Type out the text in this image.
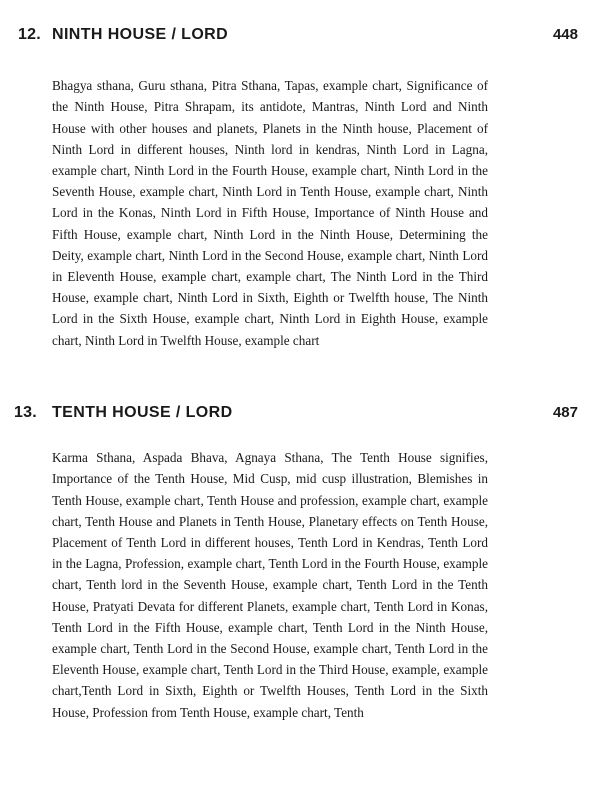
12. NINTH HOUSE / LORD	448

Bhagya sthana, Guru sthana, Pitra Sthana, Tapas, example chart, Significance of the Ninth House, Pitra Shrapam, its antidote, Mantras, Ninth Lord and Ninth House with other houses and planets, Planets in the Ninth house, Placement of Ninth Lord in different houses, Ninth lord in kendras, Ninth Lord in Lagna, example chart, Ninth Lord in the Fourth House, example chart, Ninth Lord in the Seventh House, example chart, Ninth Lord in Tenth House, example chart, Ninth Lord in the Konas, Ninth Lord in Fifth House, Importance of Ninth House and Fifth House, example chart, Ninth Lord in the Ninth House, Determining the Deity, example chart, Ninth Lord in the Second House, example chart, Ninth Lord in Eleventh House, example chart, example chart, The Ninth Lord in the Third House, example chart, Ninth Lord in Sixth, Eighth or Twelfth house, The Ninth Lord in the Sixth House, example chart, Ninth Lord in Eighth House, example chart, Ninth Lord in Twelfth House, example chart

13. TENTH HOUSE / LORD	487

Karma Sthana, Aspada Bhava, Agnaya Sthana, The Tenth House signifies, Importance of the Tenth House, Mid Cusp, mid cusp illustration, Blemishes in Tenth House, example chart, Tenth House and profession, example chart, example chart, Tenth House and Planets in Tenth House, Planetary effects on Tenth House, Placement of Tenth Lord in different houses, Tenth Lord in Kendras, Tenth Lord in the Lagna, Profession, example chart, Tenth Lord in the Fourth House, example chart, Tenth lord in the Seventh House, example chart, Tenth Lord in the Tenth House, Pratyati Devata for different Planets, example chart, Tenth Lord in Konas, Tenth Lord in the Fifth House, example chart, Tenth Lord in the Ninth House, example chart, Tenth Lord in the Second House, example chart, Tenth Lord in the Eleventh House, example chart, Tenth Lord in the Third House, example, example chart,Tenth Lord in Sixth, Eighth or Twelfth Houses, Tenth Lord in the Sixth House, Profession from Tenth House, example chart, Tenth
